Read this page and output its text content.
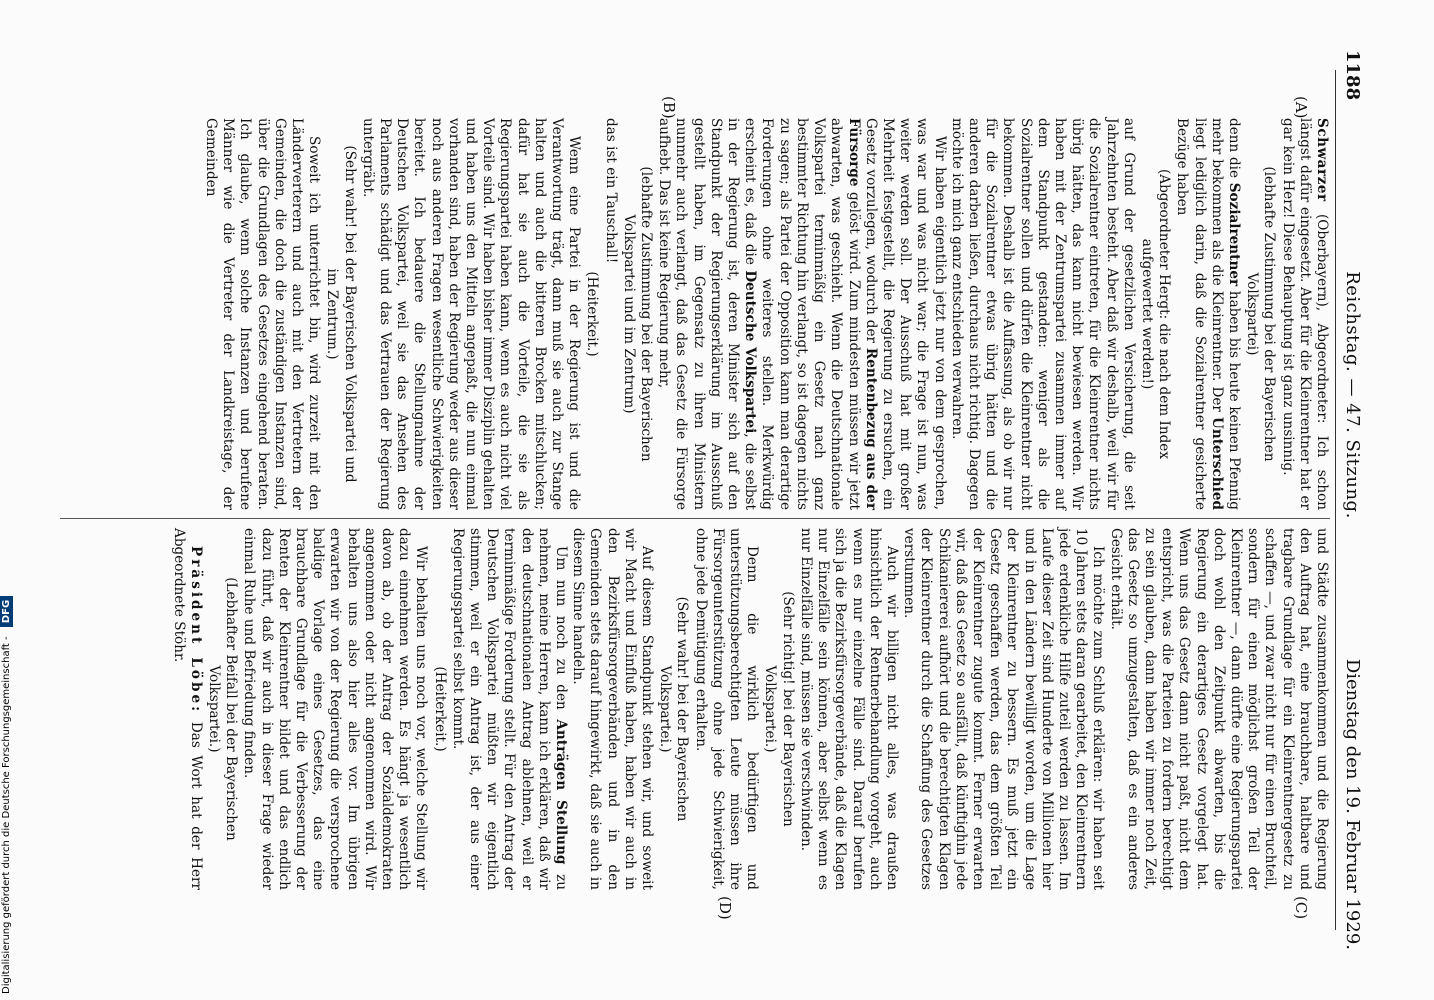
1188
Reichstag. — 47. Sitzung.
Dienstag den 19. Februar 1929.
(A)
(B)
(C)
(D)

Schwarzer (Oberbayern), Abgeordneter: Ich schon längst dafür eingesetzt. Aber für die Kleinrentner hat er gar kein Herz! Diese Behauptung ist ganz unsinnig.

(lebhafte Zustimmung bei der Bayerischen Volkspartei)

denn die Sozialrentner haben bis heute keinen Pfennig mehr bekommen als die Kleinrentner. Der Unterschied liegt lediglich darin, daß die Sozialrentner gesicherte Bezüge haben

(Abgeordneter Hergt: die nach dem Index aufgewertet werden!)

auf Grund der gesetzlichen Versicherung, die seit Jahrzehnten besteht. Aber daß wir deshalb, weil wir für die Sozialrentner eintreten, für die Kleinrentner nichts übrig hätten, das kann nicht bewiesen werden. Wir haben mit der Zentrumspartei zusammen immer auf dem Standpunkt gestanden: weniger als die Sozialrentner sollen und dürfen die Kleinrentner nicht bekommen. Deshalb ist die Auffassung, als ob wir nur für die Sozialrentner etwas übrig hätten und die anderen darben ließen, durchaus nicht richtig. Dagegen möchte ich mich ganz entschieden verwahren.

Wir haben eigentlich jetzt nur von dem gesprochen, was war und was nicht war; die Frage ist nun, was weiter werden soll. Der Ausschuß hat mit großer Mehrheit festgestellt, die Regierung zu ersuchen, ein Gesetz vorzulegen, wodurch der Rentenbezug aus der Fürsorge gelöst wird. Zum mindesten müssen wir jetzt abwarten, was geschieht. Wenn die Deutschnationale Volkspartei terminmäßig ein Gesetz nach ganz bestimmter Richtung hin verlangt, so ist dagegen nichts zu sagen; als Partei der Opposition kann man derartige Forderungen ohne weiteres stellen. Merkwürdig erscheint es, daß die Deutsche Volkspartei, die selbst in der Regierung ist, deren Minister sich auf den Standpunkt der Regierungserklärung im Ausschuß gestellt haben, im Gegensatz zu ihren Ministern nunmehr auch verlangt, daß das Gesetz die Fürsorge aufhebt. Das ist keine Regierung mehr,

(lebhafte Zustimmung bei der Bayerischen Volkspartei und im Zentrum)

das ist ein Tauschall!

(Heiterkeit.)

Wenn eine Partei in der Regierung ist und die Verantwortung trägt, dann muß sie auch zur Stange halten und auch die bitteren Brocken mitschlucken; dafür hat sie auch die Vorteile, die sie als Regierungspartei haben kann, wenn es auch nicht viel Vorteile sind. Wir haben bisher immer Disziplin gehalten und haben uns den Mitteln angepaßt, die nun einmal vorhanden sind, haben der Regierung weder aus dieser noch aus anderen Fragen wesentliche Schwierigkeiten bereitet. Ich bedauere die Stellungnahme der Deutschen Volkspartei, weil sie das Ansehen des Parlaments schädigt und das Vertrauen der Regierung untergräbt.

(Sehr wahr! bei der Bayerischen Volkspartei und im Zentrum.)

Soweit ich unterrichtet bin, wird zurzeit mit den Länderverterern und auch mit den Vertretern der Gemeinden, die doch die zuständigen Instanzen sind, über die Grundlagen des Gesetzes eingehend beraten. Ich glaube, wenn solche Instanzen und berufene Männer wie die Vertreter der Landkreistage, der Gemeinden

und Städte zusammenkommen und die Regierung den Auftrag hat, eine brauchbare, haltbare und tragbare Grundlage für ein Kleinrentnergesetz zu schaffen —, und zwar nicht nur für einen Bruchteil, sondern für einen möglichst großen Teil der Kleinrentner —, dann dürfte eine Regierungspartei doch wohl den Zeitpunkt abwarten, bis die Regierung ein derartiges Gesetz vorgelegt hat. Wenn uns das Gesetz dann nicht paßt, nicht dem entspricht, was die Parteien zu fordern berechtigt zu sein glauben, dann haben wir immer noch Zeit, das Gesetz so umzugestalten, daß es ein anderes Gesicht erhält.

Ich möchte zum Schluß erklären: wir haben seit 10 Jahren stets daran gearbeitet, den Kleinrentnern jede erdenkliche Hilfe zuteil werden zu lassen. Im Laufe dieser Zeit sind Hunderte von Millionen hier und in den Ländern bewilligt worden, um die Lage der Kleinrentner zu bessern. Es muß jetzt ein Gesetz geschaffen werden, das dem größten Teil der Kleinrentner zugute kommt. Ferner erwarten wir, daß das Gesetz so ausfällt, daß künftighin jede Schikaniererei aufhört und die berechtigten Klagen der Kleinrentner durch die Schaffung des Gesetzes verstummen.

Auch wir billigen nicht alles, was draußen hinsichtlich der Rentnerbehandlung vorgeht, auch wenn es nur einzelne Fälle sind. Darauf berufen sich ja die Bezirksfürsorgeverbände, daß die Klagen nur Einzelfälle sein können, aber selbst wenn es nur Einzelfälle sind, müssen sie verschwinden.

(Sehr richtig! bei der Bayerischen Volkspartei.)

Denn die wirklich bedürftigen und unterstützungsberechtigten Leute müssen ihre Fürsorgeunterstützung ohne jede Schwierigkeit, ohne jede Demütigung erhalten.

(Sehr wahr! bei der Bayerischen Volkspartei.)

Auf diesem Standpunkt stehen wir, und soweit wir Macht und Einfluß haben, haben wir auch in den Bezirksfürsorgeverbänden und in den Gemeinden stets darauf hingewirkt, daß sie auch in diesem Sinne handeln.

Um nun noch zu den Anträgen Stellung zu nehmen, meine Herren, kann ich erklären, daß wir den deutschnationalen Antrag ablehnen, weil er terminmäßige Forderung stellt. Für den Antrag der Deutschen Volkspartei müßten wir eigentlich stimmen, weil er ein Antrag ist, der aus einer Regierungspartei selbst kommt.

(Heiterkeit.)

Wir behalten uns noch vor, welche Stellung wir dazu einnehmen werden. Es hängt ja wesentlich davon ab, ob der Antrag der Sozialdemokraten angenommen oder nicht angenommen wird. Wir behalten uns also hier alles vor. Im übrigen erwarten wir von der Regierung die versprochene baldige Vorlage eines Gesetzes, das eine brauchbare Grundlage für die Verbesserung der Renten der Kleinrentner bildet und das endlich dazu führt, daß wir auch in dieser Frage wieder einmal Ruhe und Befriedung finden.

(Lebhafter Beifall bei der Bayerischen Volkspartei.)

Präsident Löbe: Das Wort hat der Herr Abgeordnete Stöhr.

Digitalisierung gefördert durch die Deutsche Forschungsgemeinschaft - DFG
